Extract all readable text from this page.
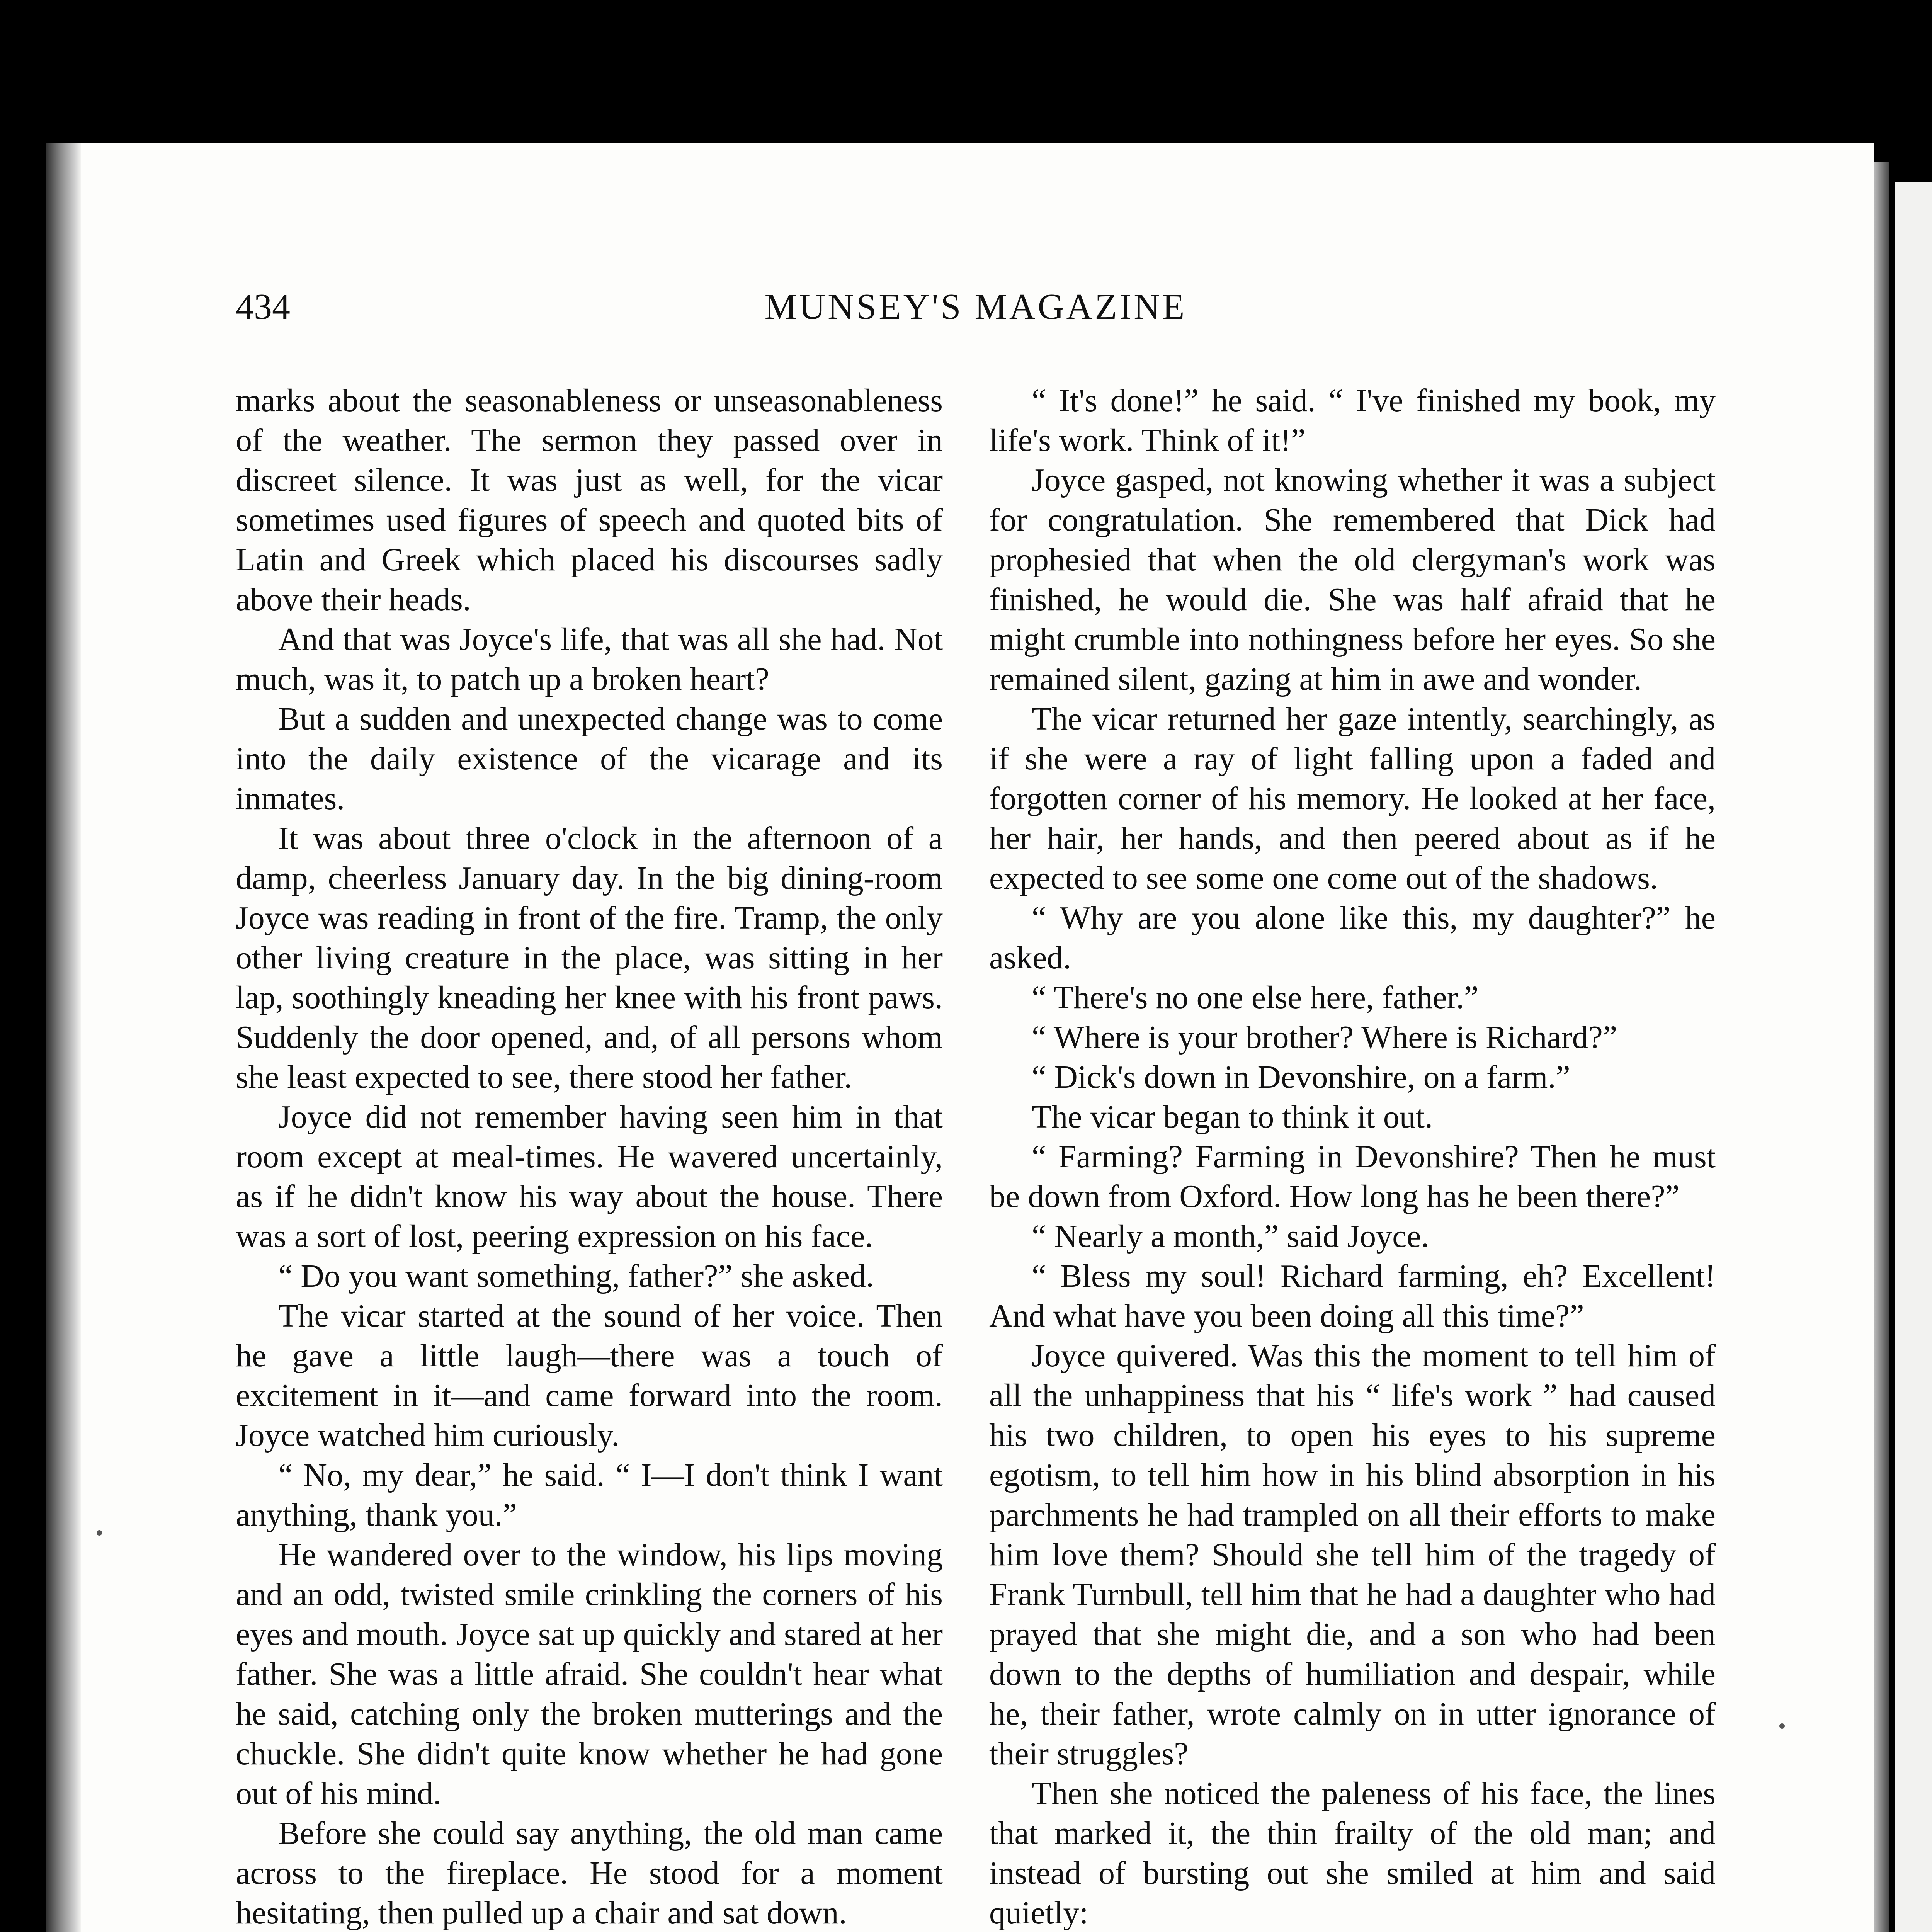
434	MUNSEY'S MAGAZINE

marks about the seasonableness or unseasonableness of the weather. The sermon they passed over in discreet silence. It was just as well, for the vicar sometimes used figures of speech and quoted bits of Latin and Greek which placed his discourses sadly above their heads.

And that was Joyce's life, that was all she had. Not much, was it, to patch up a broken heart?

But a sudden and unexpected change was to come into the daily existence of the vicarage and its inmates.

It was about three o'clock in the afternoon of a damp, cheerless January day. In the big dining-room Joyce was reading in front of the fire. Tramp, the only other living creature in the place, was sitting in her lap, soothingly kneading her knee with his front paws. Suddenly the door opened, and, of all persons whom she least expected to see, there stood her father.

Joyce did not remember having seen him in that room except at meal-times. He wavered uncertainly, as if he didn't know his way about the house. There was a sort of lost, peering expression on his face.

“ Do you want something, father?” she asked.

The vicar started at the sound of her voice. Then he gave a little laugh—there was a touch of excitement in it—and came forward into the room. Joyce watched him curiously.

“ No, my dear,” he said. “ I—I don't think I want anything, thank you.”

He wandered over to the window, his lips moving and an odd, twisted smile crinkling the corners of his eyes and mouth. Joyce sat up quickly and stared at her father. She was a little afraid. She couldn't hear what he said, catching only the broken mutterings and the chuckle. She didn't quite know whether he had gone out of his mind.

Before she could say anything, the old man came across to the fireplace. He stood for a moment hesitating, then pulled up a chair and sat down.

“ It's done!” he said. “ I've finished my book, my life's work. Think of it!”

Joyce gasped, not knowing whether it was a subject for congratulation. She remembered that Dick had prophesied that when the old clergyman's work was finished, he would die. She was half afraid that he might crumble into nothingness before her eyes. So she remained silent, gazing at him in awe and wonder.

The vicar returned her gaze intently, searchingly, as if she were a ray of light falling upon a faded and forgotten corner of his memory. He looked at her face, her hair, her hands, and then peered about as if he expected to see some one come out of the shadows.

“ Why are you alone like this, my daughter?” he asked.

“ There's no one else here, father.”

“ Where is your brother? Where is Richard?”

“ Dick's down in Devonshire, on a farm.”

The vicar began to think it out.

“ Farming? Farming in Devonshire? Then he must be down from Oxford. How long has he been there?”

“ Nearly a month,” said Joyce.

“ Bless my soul! Richard farming, eh? Excellent! And what have you been doing all this time?”

Joyce quivered. Was this the moment to tell him of all the unhappiness that his “ life's work ” had caused his two children, to open his eyes to his supreme egotism, to tell him how in his blind absorption in his parchments he had trampled on all their efforts to make him love them? Should she tell him of the tragedy of Frank Turnbull, tell him that he had a daughter who had prayed that she might die, and a son who had been down to the depths of humiliation and despair, while he, their father, wrote calmly on in utter ignorance of their struggles?

Then she noticed the paleness of his face, the lines that marked it, the thin frailty of the old man; and instead of bursting out she smiled at him and said quietly:
